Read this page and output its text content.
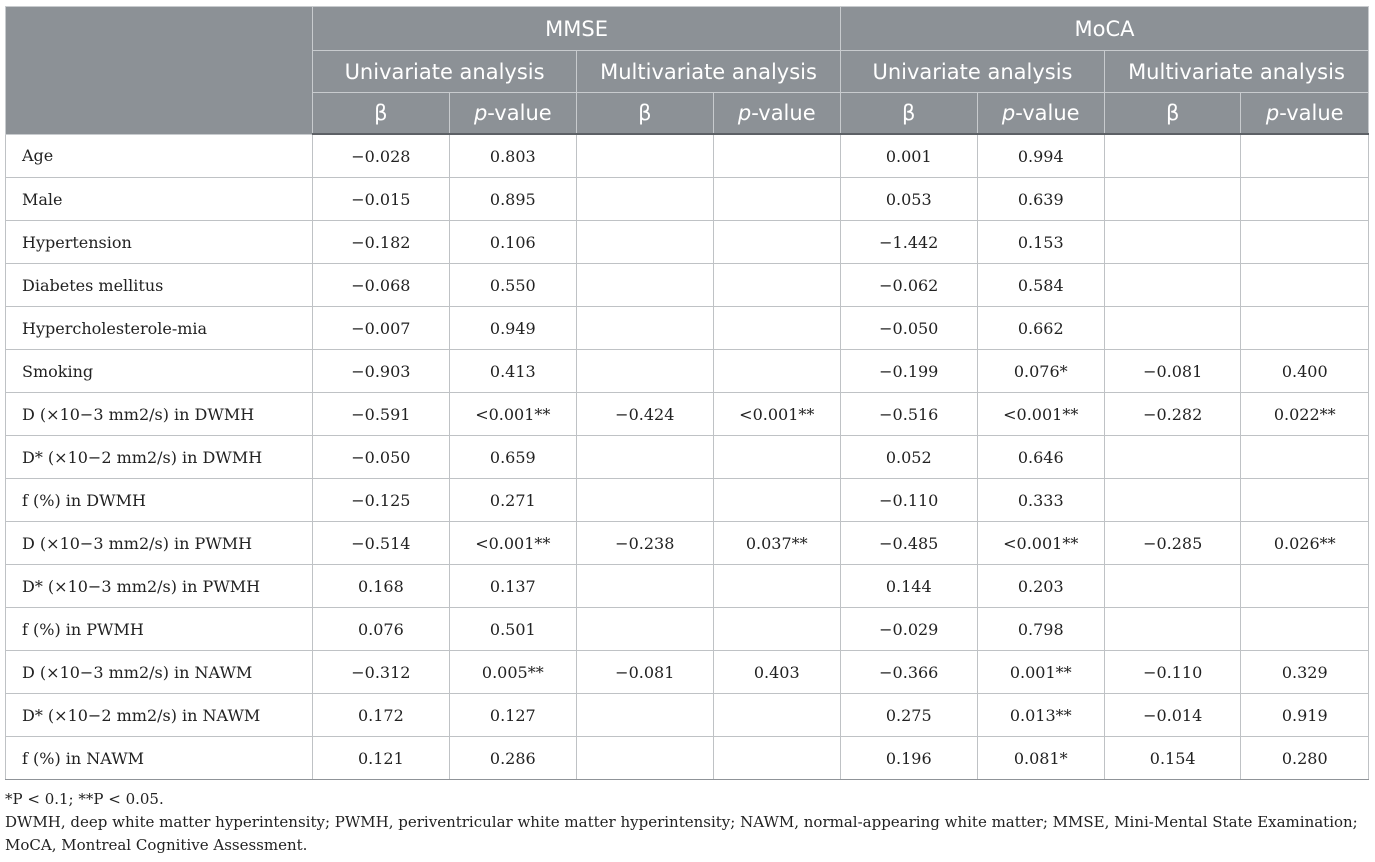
	MMSE				MoCA			
	Univariate analysis		Multivariate analysis		Univariate analysis		Multivariate analysis	
	β	p-value	β	p-value	β	p-value	β	p-value
Age	−0.028	0.803			0.001	0.994		
Male	−0.015	0.895			0.053	0.639		
Hypertension	−0.182	0.106			−1.442	0.153		
Diabetes mellitus	−0.068	0.550			−0.062	0.584		
Hypercholesterole-mia	−0.007	0.949			−0.050	0.662		
Smoking	−0.903	0.413			−0.199	0.076*	−0.081	0.400
D (×10−3 mm2/s) in DWMH	−0.591	<0.001**	−0.424	<0.001**	−0.516	<0.001**	−0.282	0.022**
D* (×10−2 mm2/s) in DWMH	−0.050	0.659			0.052	0.646		
f (%) in DWMH	−0.125	0.271			−0.110	0.333		
D (×10−3 mm2/s) in PWMH	−0.514	<0.001**	−0.238	0.037**	−0.485	<0.001**	−0.285	0.026**
D* (×10−3 mm2/s) in PWMH	0.168	0.137			0.144	0.203		
f (%) in PWMH	0.076	0.501			−0.029	0.798		
D (×10−3 mm2/s) in NAWM	−0.312	0.005**	−0.081	0.403	−0.366	0.001**	−0.110	0.329
D* (×10−2 mm2/s) in NAWM	0.172	0.127			0.275	0.013**	−0.014	0.919
f (%) in NAWM	0.121	0.286			0.196	0.081*	0.154	0.280

*P < 0.1; **P < 0.05.

DWMH, deep white matter hyperintensity; PWMH, periventricular white matter hyperintensity; NAWM, normal-appearing white matter; MMSE, Mini-Mental State Examination; MoCA, Montreal Cognitive Assessment.
